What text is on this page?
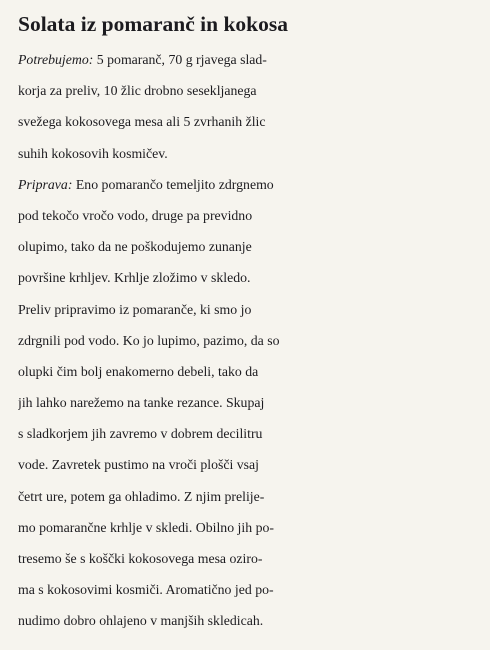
Solata iz pomaranč in kokosa
Potrebujemo: 5 pomaranč, 70 g rjavega slad-
korja za preliv, 10 žlic drobno sesekljanega
svežega kokosovega mesa ali 5 zvrhanih žlic
suhih kokosovih kosmičev.
Priprava: Eno pomarančo temeljito zdrgnemo
pod tekočo vročo vodo, druge pa previdno
olupimo, tako da ne poškodujemo zunanje
površine krhljev. Krhlje zložimo v skledo.
Preliv pripravimo iz pomaranče, ki smo jo
zdrgnili pod vodo. Ko jo lupimo, pazimo, da so
olupki čim bolj enakomerno debeli, tako da
jih lahko narežemo na tanke rezance. Skupaj
s sladkorjem jih zavremo v dobrem decilitru
vode. Zavretek pustimo na vroči plošči vsaj
četrt ure, potem ga ohladimo. Z njim prelije-
mo pomarančne krhlje v skledi. Obilno jih po-
tresemo še s koščki kokosovega mesa oziro-
ma s kokosovimi kosmiči. Aromatično jed po-
nudimo dobro ohlajeno v manjših skledicah.
